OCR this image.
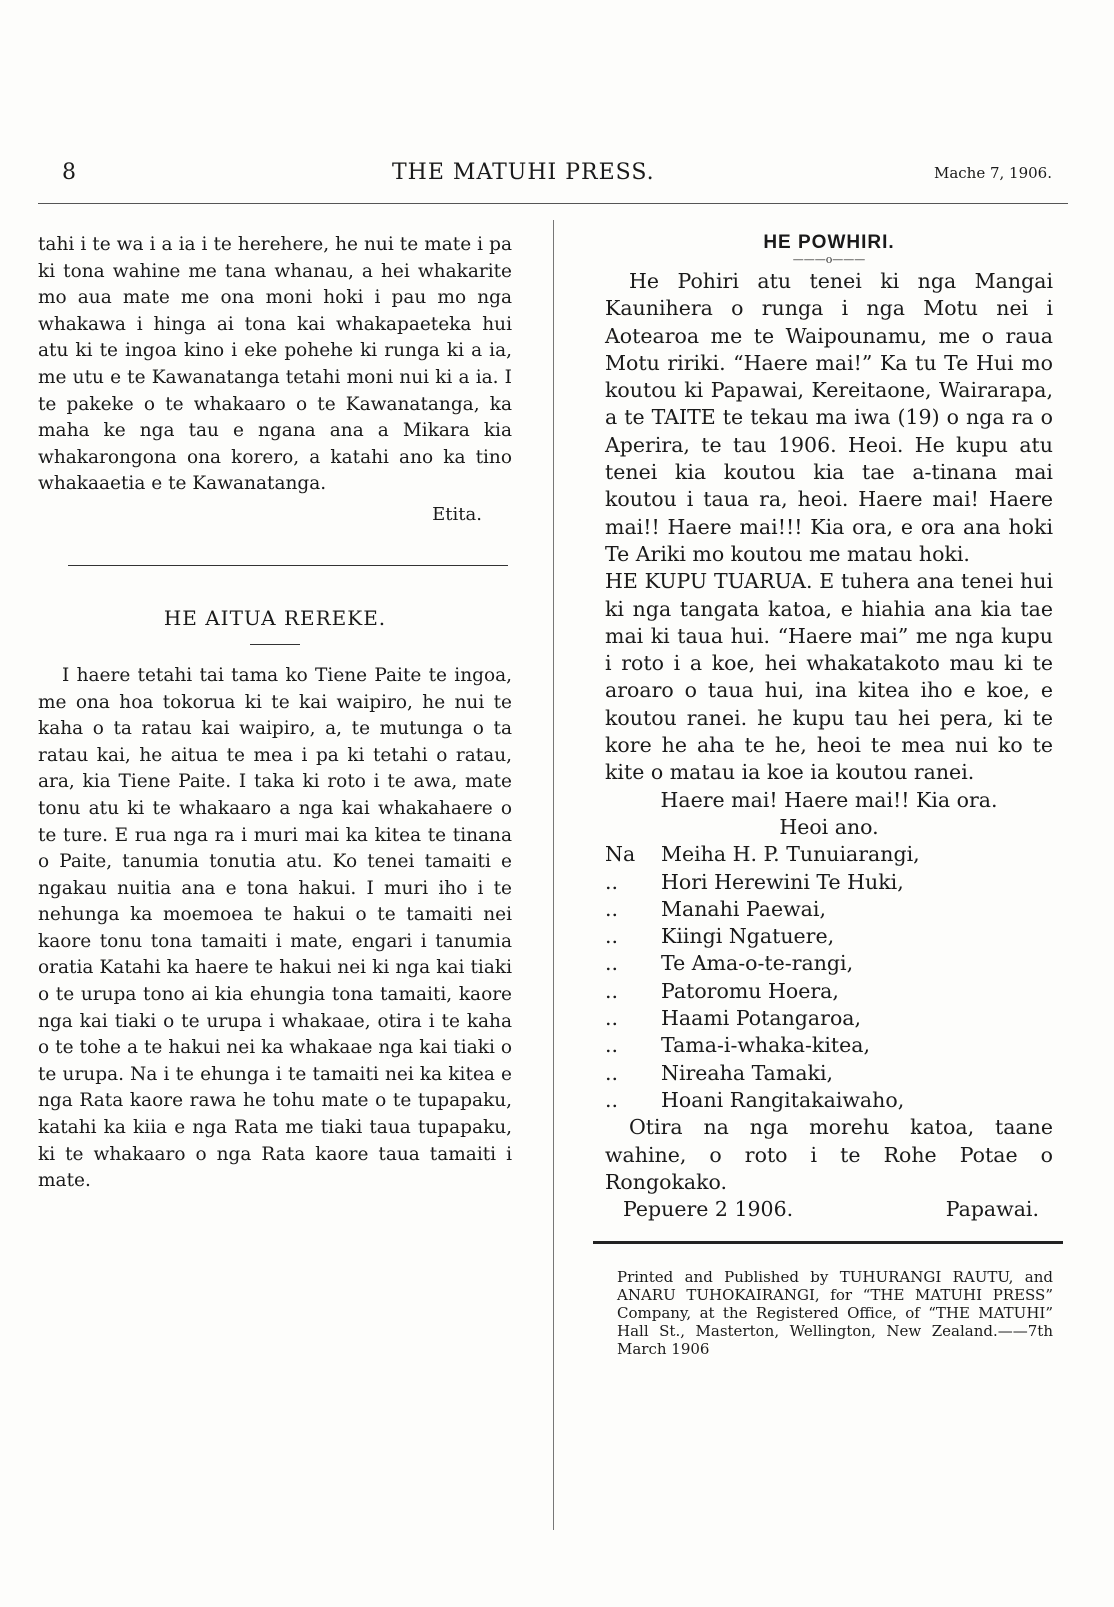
8	THE MATUHI PRESS.	Mache 7, 1906.

tahi i te wa i a ia i te herehere, he nui te mate i pa ki tona wahine me tana whanau, a hei whakarite mo aua mate me ona moni hoki i pau mo nga whakawa i hinga ai tona kai whakapaeteka hui atu ki te ingoa kino i eke pohehe ki runga ki a ia, me utu e te Kawanatanga tetahi moni nui ki a ia. I te pakeke o te whakaaro o te Kawanatanga, ka maha ke nga tau e ngana ana a Mikara kia whakarongona ona korero, a katahi ano ka tino whakaaetia e te Kawanatanga.

Etita.
HE AITUA REREKE.

I haere tetahi tai tama ko Tiene Paite te ingoa, me ona hoa tokorua ki te kai waipiro, he nui te kaha o ta ratau kai waipiro, a, te mutunga o ta ratau kai, he aitua te mea i pa ki tetahi o ratau, ara, kia Tiene Paite. I taka ki roto i te awa, mate tonu atu ki te whakaaro a nga kai whakahaere o te ture. E rua nga ra i muri mai ka kitea te tinana o Paite, tanumia tonutia atu. Ko tenei tamaiti e ngakau nuitia ana e tona hakui. I muri iho i te nehunga ka moemoea te hakui o te tamaiti nei kaore tonu tona tamaiti i mate, engari i tanumia oratia Katahi ka haere te hakui nei ki nga kai tiaki o te urupa tono ai kia ehungia tona tamaiti, kaore nga kai tiaki o te urupa i whakaae, otira i te kaha o te tohe a te hakui nei ka whakaae nga kai tiaki o te urupa. Na i te ehunga i te tamaiti nei ka kitea e nga Rata kaore rawa he tohu mate o te tupapaku, katahi ka kiia e nga Rata me tiaki taua tupapaku, ki te whakaaro o nga Rata kaore taua tamaiti i mate.

HE POWHIRI.

———o———

He Pohiri atu tenei ki nga Mangai Kaunihera o runga i nga Motu nei i Aotearoa me te Waipounamu, me o raua Motu ririki. “Haere mai!” Ka tu Te Hui mo koutou ki Papawai, Kereitaone, Wairarapa, a te TAITE te tekau ma iwa (19) o nga ra o Aperira, te tau 1906. Heoi. He kupu atu tenei kia koutou kia tae a-tinana mai koutou i taua ra, heoi. Haere mai! Haere mai!! Haere mai!!! Kia ora, e ora ana hoki Te Ariki mo koutou me matau hoki.

HE KUPU TUARUA. E tuhera ana tenei hui ki nga tangata katoa, e hiahia ana kia tae mai ki taua hui. “Haere mai” me nga kupu i roto i a koe, hei whakatakoto mau ki te aroaro o taua hui, ina kitea iho e koe, e koutou ranei. he kupu tau hei pera, ki te kore he aha te he, heoi te mea nui ko te kite o matau ia koe ia koutou ranei.

Haere mai! Haere mai!! Kia ora.

Heoi ano.

Na	Meiha H. P. Tunuiarangi,
..	Hori Herewini Te Huki,
..	Manahi Paewai,
..	Kiingi Ngatuere,
..	Te Ama-o-te-rangi,
..	Patoromu Hoera,
..	Haami Potangaroa,
..	Tama-i-whaka-kitea,
..	Nireaha Tamaki,
..	Hoani Rangitakaiwaho,

Otira na nga morehu katoa, taane wahine, o roto i te Rohe Potae o Rongokako.

Pepuere 2 1906.	Papawai.

Printed and Published by TUHURANGI RAUTU, and ANARU TUHOKAIRANGI, for “THE MATUHI PRESS” Company, at the Registered Office, of “THE MATUHI” Hall St., Masterton, Wellington, New Zealand.——7th March 1906
